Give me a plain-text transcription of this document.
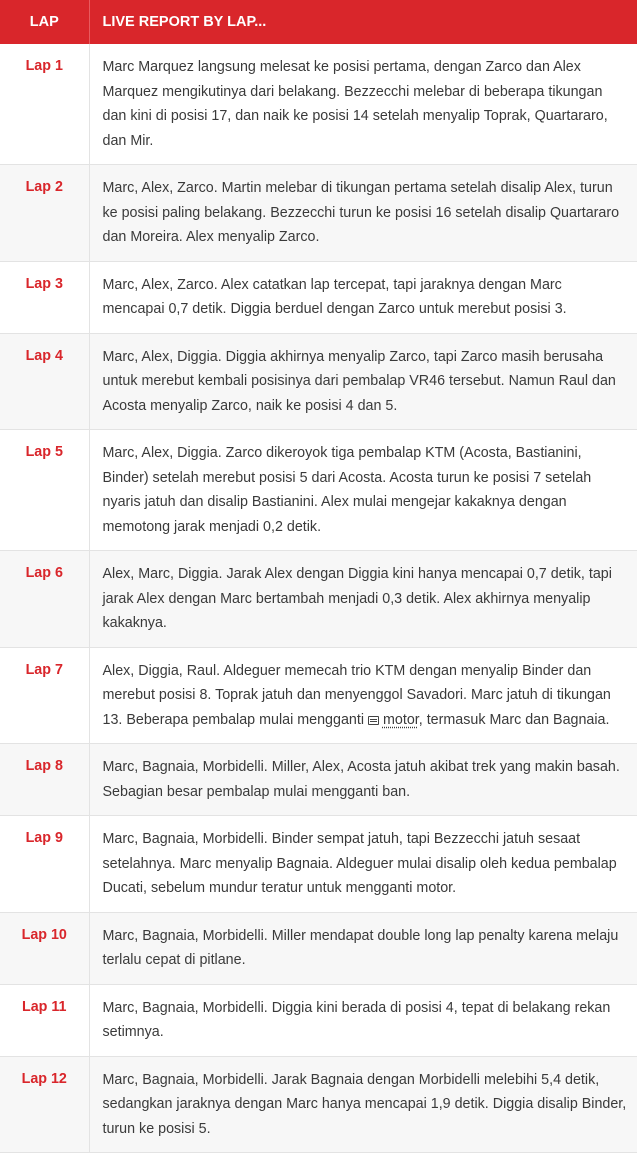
LAP	LIVE REPORT BY LAP...
Lap 1	Marc Marquez langsung melesat ke posisi pertama, dengan Zarco dan Alex Marquez mengikutinya dari belakang. Bezzecchi melebar di beberapa tikungan dan kini di posisi 17, dan naik ke posisi 14 setelah menyalip Toprak, Quartararo, dan Mir.
Lap 2	Marc, Alex, Zarco. Martin melebar di tikungan pertama setelah disalip Alex, turun ke posisi paling belakang. Bezzecchi turun ke posisi 16 setelah disalip Quartararo dan Moreira. Alex menyalip Zarco.
Lap 3	Marc, Alex, Zarco. Alex catatkan lap tercepat, tapi jaraknya dengan Marc mencapai 0,7 detik. Diggia berduel dengan Zarco untuk merebut posisi 3.
Lap 4	Marc, Alex, Diggia. Diggia akhirnya menyalip Zarco, tapi Zarco masih berusaha untuk merebut kembali posisinya dari pembalap VR46 tersebut. Namun Raul dan Acosta menyalip Zarco, naik ke posisi 4 dan 5.
Lap 5	Marc, Alex, Diggia. Zarco dikeroyok tiga pembalap KTM (Acosta, Bastianini, Binder) setelah merebut posisi 5 dari Acosta. Acosta turun ke posisi 7 setelah nyaris jatuh dan disalip Bastianini. Alex mulai mengejar kakaknya dengan memotong jarak menjadi 0,2 detik.
Lap 6	Alex, Marc, Diggia. Jarak Alex dengan Diggia kini hanya mencapai 0,7 detik, tapi jarak Alex dengan Marc bertambah menjadi 0,3 detik. Alex akhirnya menyalip kakaknya.
Lap 7	Alex, Diggia, Raul. Aldeguer memecah trio KTM dengan menyalip Binder dan merebut posisi 8. Toprak jatuh dan menyenggol Savadori. Marc jatuh di tikungan 13. Beberapa pembalap mulai mengganti motor, termasuk Marc dan Bagnaia.
Lap 8	Marc, Bagnaia, Morbidelli. Miller, Alex, Acosta jatuh akibat trek yang makin basah. Sebagian besar pembalap mulai mengganti ban.
Lap 9	Marc, Bagnaia, Morbidelli. Binder sempat jatuh, tapi Bezzecchi jatuh sesaat setelahnya. Marc menyalip Bagnaia. Aldeguer mulai disalip oleh kedua pembalap Ducati, sebelum mundur teratur untuk mengganti motor.
Lap 10	Marc, Bagnaia, Morbidelli. Miller mendapat double long lap penalty karena melaju terlalu cepat di pitlane.
Lap 11	Marc, Bagnaia, Morbidelli. Diggia kini berada di posisi 4, tepat di belakang rekan setimnya.
Lap 12	Marc, Bagnaia, Morbidelli. Jarak Bagnaia dengan Morbidelli melebihi 5,4 detik, sedangkan jaraknya dengan Marc hanya mencapai 1,9 detik. Diggia disalip Binder, turun ke posisi 5.
